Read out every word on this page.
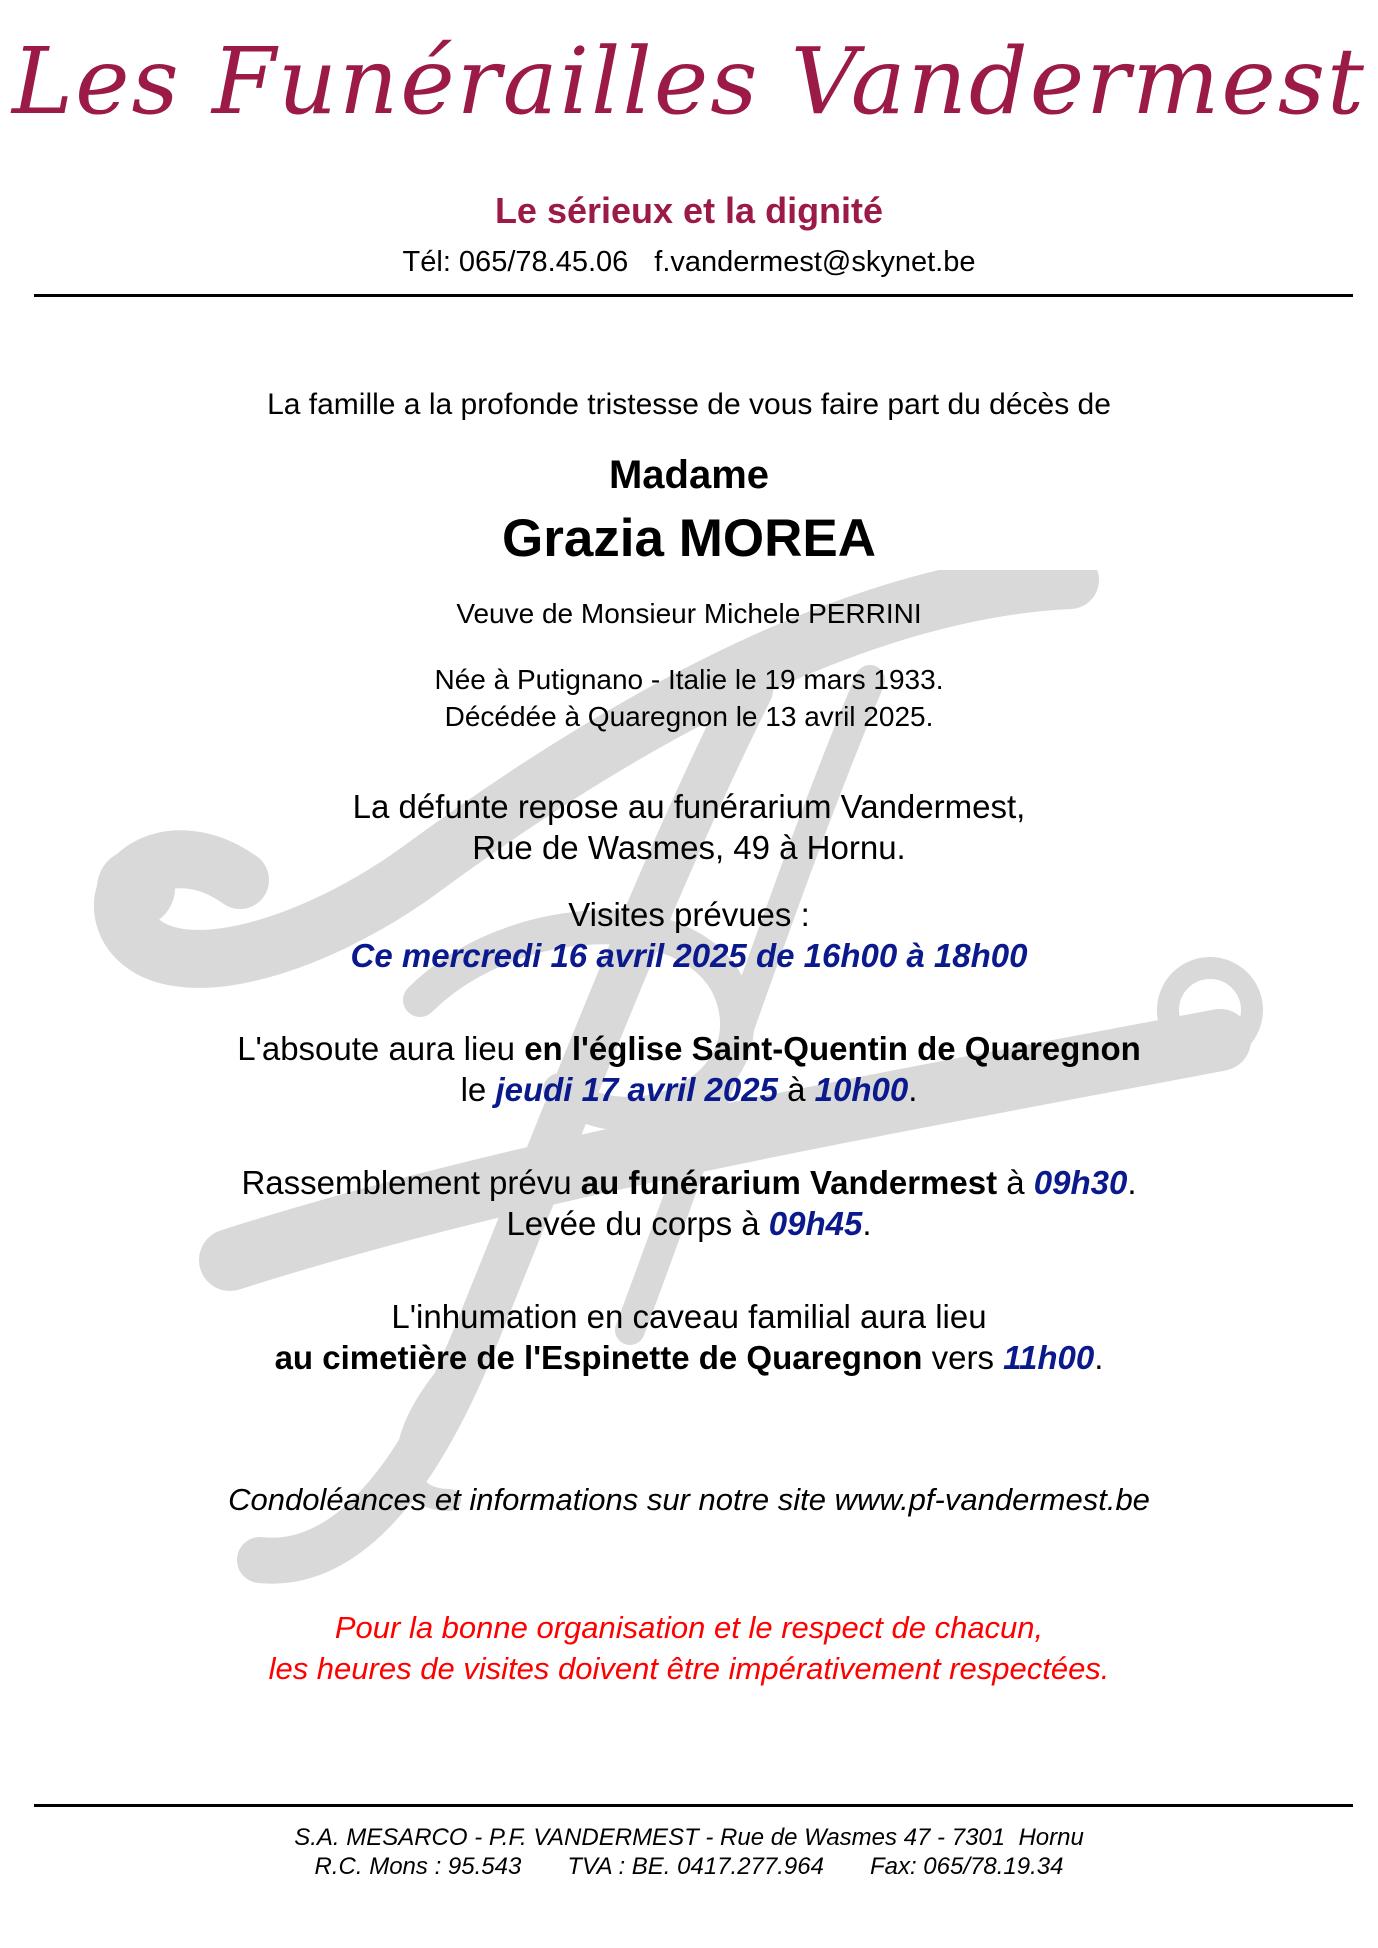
Les Funérailles Vandermest
Le sérieux et la dignité
Tél: 065/78.45.06 f.vandermest@skynet.be
La famille a la profonde tristesse de vous faire part du décès de
Madame
Grazia MOREA
Veuve de Monsieur Michele PERRINI
Née à Putignano - Italie le 19 mars 1933.
Décédée à Quaregnon le 13 avril 2025.
La défunte repose au funérarium Vandermest,
Rue de Wasmes, 49 à Hornu.
Visites prévues :
Ce mercredi 16 avril 2025 de 16h00 à 18h00
L'absoute aura lieu en l'église Saint-Quentin de Quaregnon
le jeudi 17 avril 2025 à 10h00.
Rassemblement prévu au funérarium Vandermest à 09h30.
Levée du corps à 09h45.
L'inhumation en caveau familial aura lieu
au cimetière de l'Espinette de Quaregnon vers 11h00.
Condoléances et informations sur notre site www.pf-vandermest.be
Pour la bonne organisation et le respect de chacun,
les heures de visites doivent être impérativement respectées.
S.A. MESARCO - P.F. VANDERMEST - Rue de Wasmes 47 - 7301  Hornu
R.C. Mons : 95.543 TVA : BE. 0417.277.964 Fax: 065/78.19.34
